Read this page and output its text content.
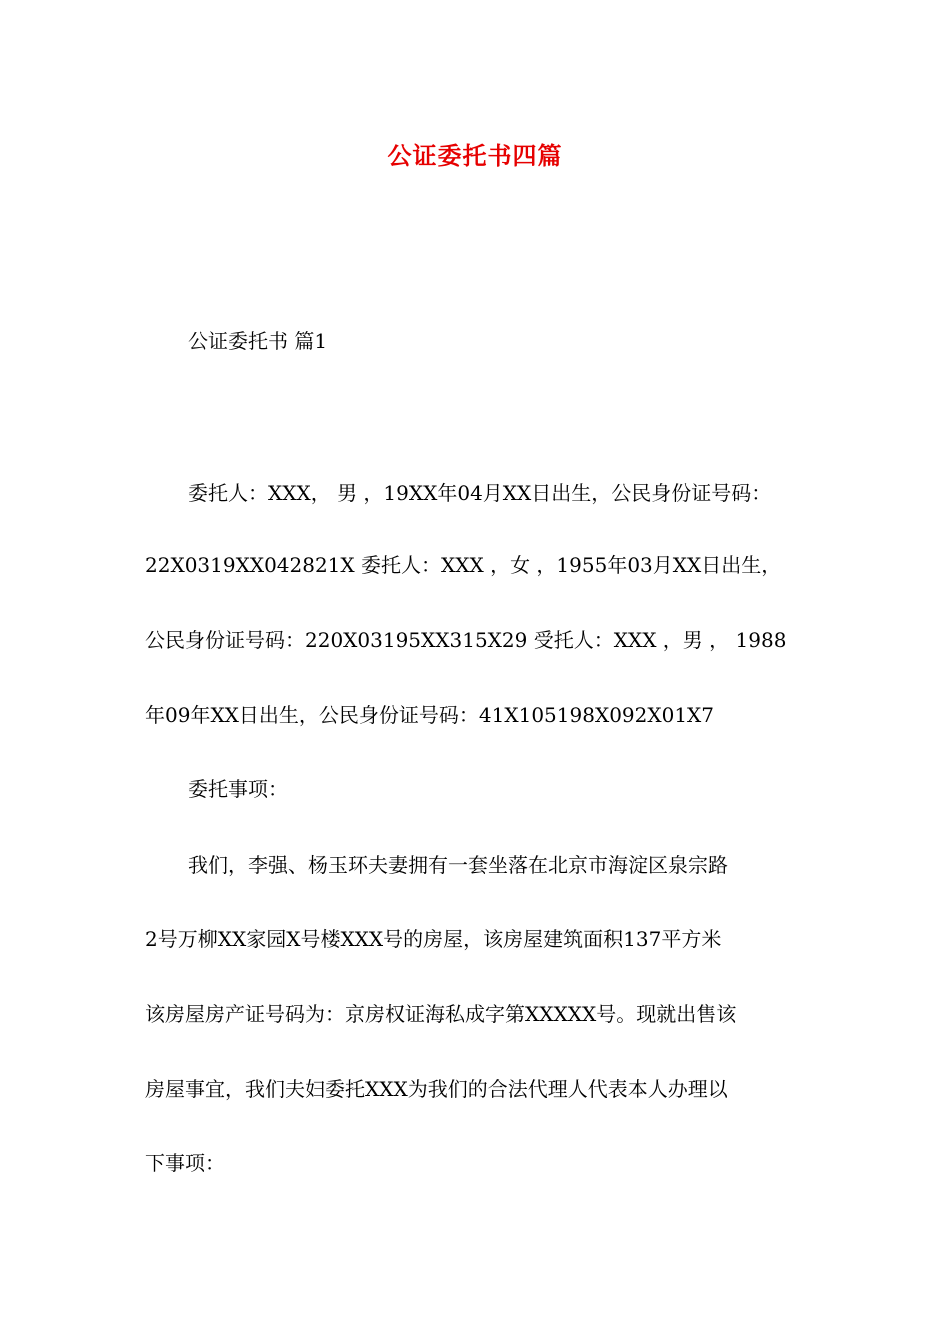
公证委托书四篇
公证委托书 篇1
委托人：XXX， 男 ，19XX年04月XX日出生，公民身份证号码：
22X0319XX042821X 委托人：XXX ，女 ，1955年03月XX日出生，
公民身份证号码：220X03195XX315X29 受托人：XXX ，男 ， 1988
年09年XX日出生，公民身份证号码：41X105198X092X01X7
委托事项：
我们，李强、杨玉环夫妻拥有一套坐落在北京市海淀区泉宗路
2号万柳XX家园X号楼XXX号的房屋，该房屋建筑面积137平方米
该房屋房产证号码为：京房权证海私成字第XXXXX号。现就出售该
房屋事宜，我们夫妇委托XXX为我们的合法代理人代表本人办理以
下事项：
